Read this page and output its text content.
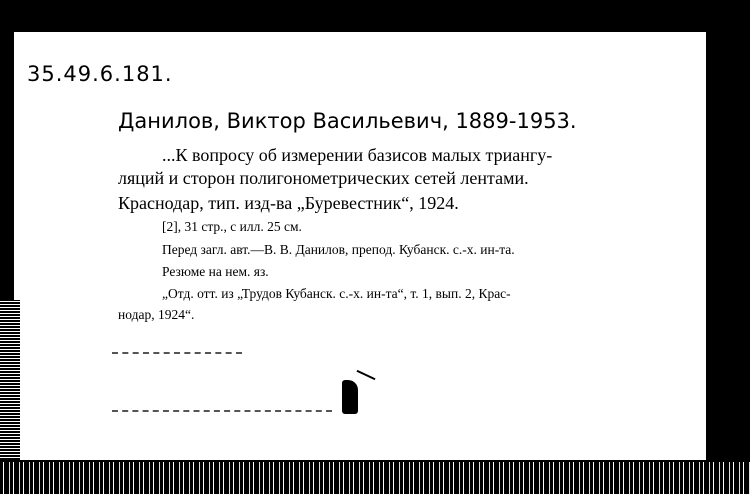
35.49.6.181.
Данилов, Виктор Васильевич, 1889-1953.
...К вопросу об измерении базисов малых триангу-
ляций и сторон полигонометрических сетей лентами.
Краснодар, тип. изд-ва „Буревестник“, 1924.
[2], 31 стр., с илл. 25 см.
Перед загл. авт.—В. В. Данилов, препод. Кубанск. с.-х. ин-та.
Резюме на нем. яз.
„Отд. отт. из „Трудов Кубанск. с.-х. ин-та“, т. 1, вып. 2, Крас-
нодар, 1924“.
